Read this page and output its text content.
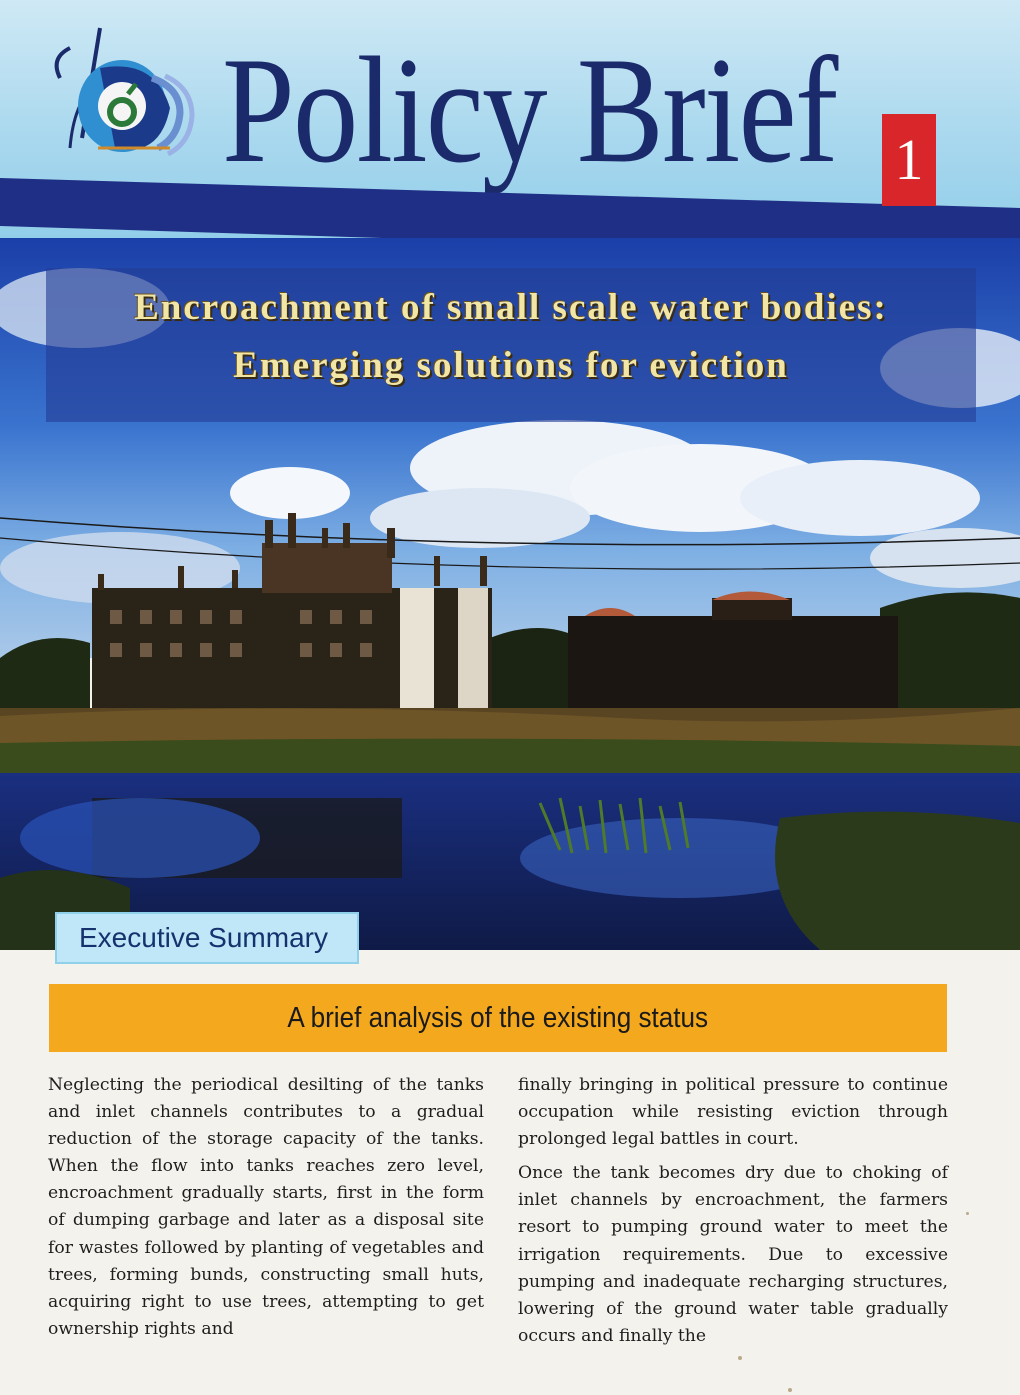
Policy Brief 1
Encroachment of small scale water bodies:
Emerging solutions for eviction
Executive Summary
A brief analysis of the existing status

Neglecting the periodical desilting of the tanks and inlet channels contributes to a gradual reduction of the storage capacity of the tanks. When the flow into tanks reaches zero level, encroachment gradually starts, first in the form of dumping garbage and later as a disposal site for wastes followed by planting of vegetables and trees, forming bunds, constructing small huts, acquiring right to use trees, attempting to get ownership rights and

finally bringing in political pressure to continue occupation while resisting eviction through prolonged legal battles in court.

Once the tank becomes dry due to choking of inlet channels by encroachment, the farmers resort to pumping ground water to meet the irrigation requirements. Due to excessive pumping and inadequate recharging structures, lowering of the ground water table gradually occurs and finally the
